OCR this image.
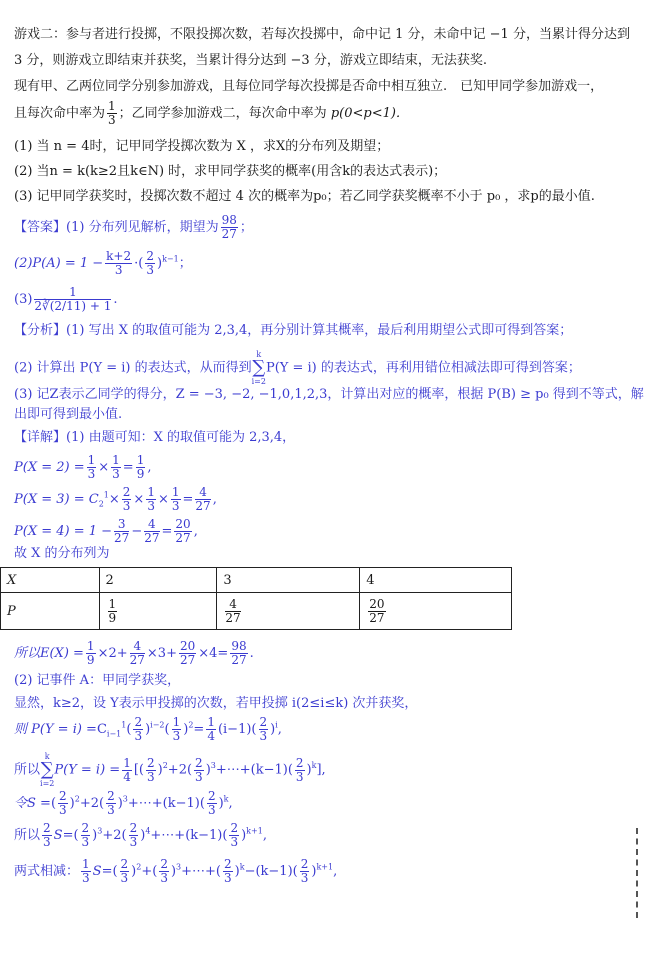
游戏二：参与者进行投掷，不限投掷次数，若每次投掷中，命中记 1 分，未命中记 −1 分，当累计得分达到
3 分，则游戏立即结束并获奖，当累计得分达到 −3 分，游戏立即结束，无法获奖.
现有甲、乙两位同学分别参加游戏，且每位同学每次投掷是否命中相互独立.　已知甲同学参加游戏一，
且每次命中率为 $\frac{1}{3}$ ；乙同学参加游戏二，每次命中率为 p(0<p<1)．
(1) 当 n = 4时，记甲同学投掷次数为 X ，求X的分布列及期望；
(2) 当n = k(k≥2且k∈N) 时，求甲同学获奖的概率(用含k的表达式表示)；
(3) 记甲同学获奖时，投掷次数不超过 4 次的概率为p₀；若乙同学获奖概率不小于 p₀ ，求p的最小值.
【答案】(1) 分布列见解析，期望为 $\frac{98}{27}$ ；
$(2)P(A) = 1 - \frac{k+2}{3}$ ·( $\frac{2}{3} )^{k-1}$；
$(3) \frac{1}{2∛(2/11) + 1}$ .
【分析】(1) 写出 X 的取值可能为 2,3,4，再分别计算其概率，最后利用期望公式即可得到答案；
(2) 计算出 P(Y = i) 的表达式，从而得到
k
∑
i=2
P(Y = i) 的表达式，再利用错位相减法即可得到答案；
(3) 记Z表示乙同学的得分，Z = −3, −2, −1,0,1,2,3，计算出对应的概率，根据 P(B) ≥ p₀ 得到不等式，解
出即可得到最小值.
【详解】(1) 由题可知：X 的取值可能为 2,3,4，
$P(X = 2) = \frac{1}{3} \times \frac{1}{3} = \frac{1}{9}$ ,
$P(X = 3) = C_2^1\times \frac{2}{3} \times \frac{1}{3} \times \frac{1}{3} = \frac{4}{27}$ ,
$P(X = 4) = 1 - \frac{3}{27} - \frac{4}{27} = \frac{20}{27}$ ,
故 X 的分布列为
X	2	3	4
P	$\frac{1}{9}$	$\frac{4}{27}$	$\frac{20}{27}$
所以$E(X) = \frac{1}{9} \times 2+ \frac{4}{27} \times 3+ \frac{20}{27} \times 4= \frac{98}{27}$ .
(2) 记事件 A：甲同学获奖，
显然，k≥2，设 Y表示甲投掷的次数，若甲投掷 i(2≤i≤k) 次并获奖，
则 $P(Y = i) =C_{i-1}^1( \frac{2}{3} )^{i-2}( \frac{1}{3} )^2= \frac{1}{4} (i-1)( \frac{2}{3} )^i$,
所以
k
∑
i=2
$P(Y = i) = \frac{1}{4}$ [( $\frac{2}{3} )^2+2( \frac{2}{3}$ )$^3+\cdots+(k-1)( \frac{2}{3} )^k$],
令S =( $\frac{2}{3} )^2+2( \frac{2}{3}$ )$^3+\cdots+(k-1)( \frac{2}{3} )^k$,
所以 $\frac{2}{3} S=( \frac{2}{3} )^3+2( \frac{2}{3}$ )$^4+\cdots+(k-1)( \frac{2}{3} )^{k+1}$,
两式相减： $\frac{1}{3} S=( \frac{2}{3} )^2+( \frac{2}{3}$ )$^3+\cdots+( \frac{2}{3} )^k-(k-1)( \frac{2}{3} )^{k+1}$,
